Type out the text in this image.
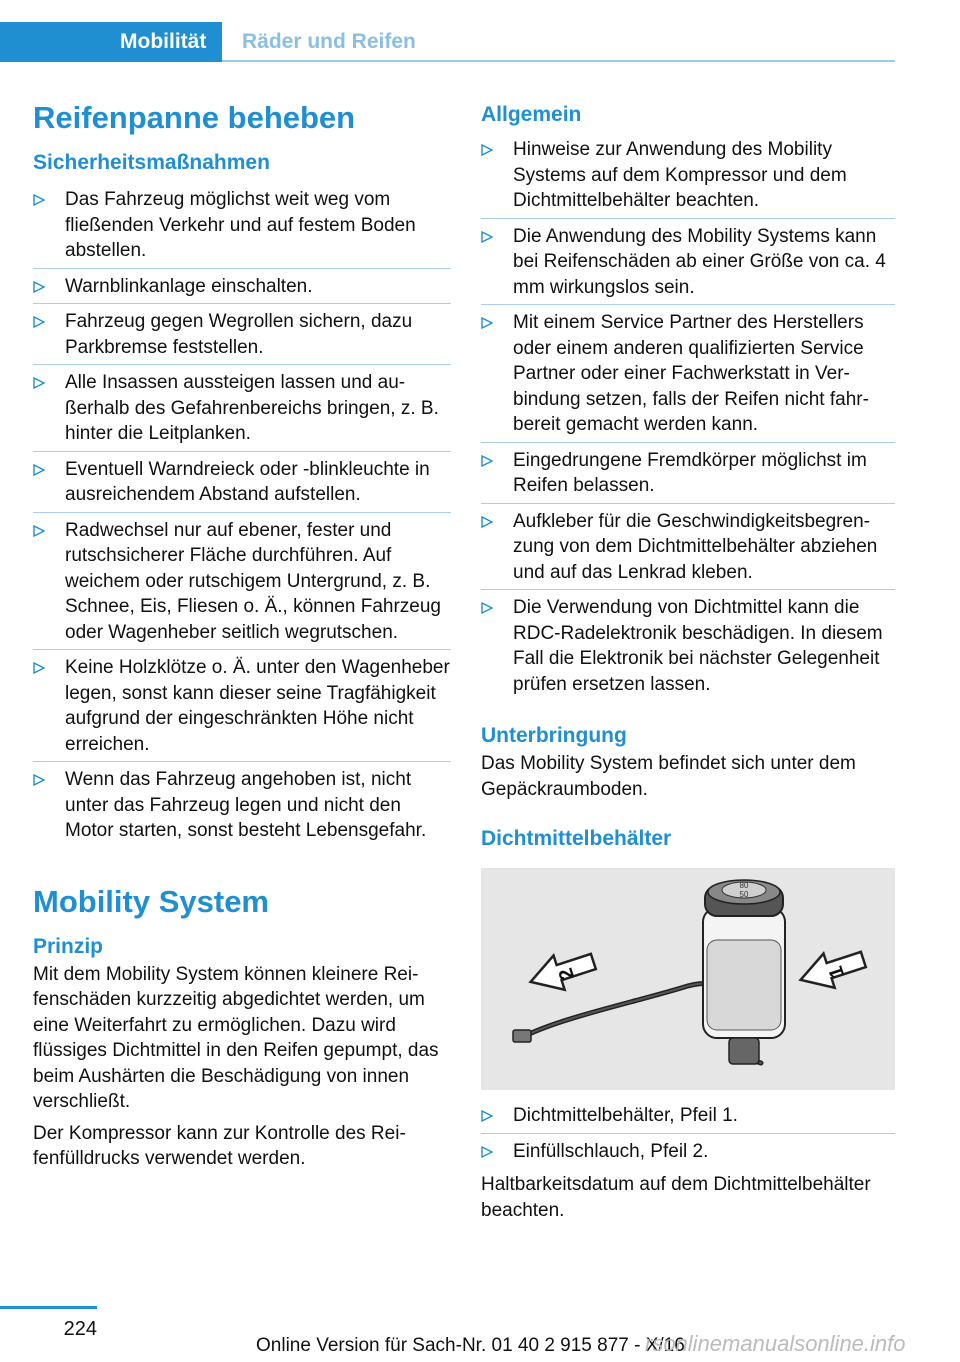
Mobilität	Räder und Reifen
Reifenpanne beheben
Sicherheitsmaßnahmen
Das Fahrzeug möglichst weit weg vom fließenden Verkehr und auf festem Boden abstellen.
Warnblinkanlage einschalten.
Fahrzeug gegen Wegrollen sichern, dazu Parkbremse feststellen.
Alle Insassen aussteigen lassen und außerhalb des Gefahrenbereichs bringen, z. B. hinter die Leitplanken.
Eventuell Warndreieck oder -blinkleuchte in ausreichendem Abstand aufstellen.
Radwechsel nur auf ebener, fester und rutschsicherer Fläche durchführen. Auf weichem oder rutschigem Untergrund, z. B. Schnee, Eis, Fliesen o. Ä., können Fahrzeug oder Wagenheber seitlich wegrutschen.
Keine Holzklötze o. Ä. unter den Wagenheber legen, sonst kann dieser seine Tragfähigkeit aufgrund der eingeschränkten Höhe nicht erreichen.
Wenn das Fahrzeug angehoben ist, nicht unter das Fahrzeug legen und nicht den Motor starten, sonst besteht Lebensgefahr.
Mobility System
Prinzip

Mit dem Mobility System können kleinere Reifenschäden kurzzeitig abgedichtet werden, um eine Weiterfahrt zu ermöglichen. Dazu wird flüssiges Dichtmittel in den Reifen gepumpt, das beim Aushärten die Beschädigung von innen verschließt.

Der Kompressor kann zur Kontrolle des Reifenfülldrucks verwendet werden.

Allgemein
Hinweise zur Anwendung des Mobility Systems auf dem Kompressor und dem Dichtmittelbehälter beachten.
Die Anwendung des Mobility Systems kann bei Reifenschäden ab einer Größe von ca. 4 mm wirkungslos sein.
Mit einem Service Partner des Herstellers oder einem anderen qualifizierten Service Partner oder einer Fachwerkstatt in Verbindung setzen, falls der Reifen nicht fahrbereit gemacht werden kann.
Eingedrungene Fremdkörper möglichst im Reifen belassen.
Aufkleber für die Geschwindigkeitsbegrenzung von dem Dichtmittelbehälter abziehen und auf das Lenkrad kleben.
Die Verwendung von Dichtmittel kann die RDC-Radelektronik beschädigen. In diesem Fall die Elektronik bei nächster Gelegenheit prüfen ersetzen lassen.
Unterbringung

Das Mobility System befindet sich unter dem Gepäckraumboden.

Dichtmittelbehälter
80
50
2	1
Dichtmittelbehälter, Pfeil 1.
Einfüllschlauch, Pfeil 2.

Haltbarkeitsdatum auf dem Dichtmittelbehälter beachten.

224
Online Version für Sach-Nr. 01 40 2 915 877 - X/16
rsonlinemanualsonline.info
